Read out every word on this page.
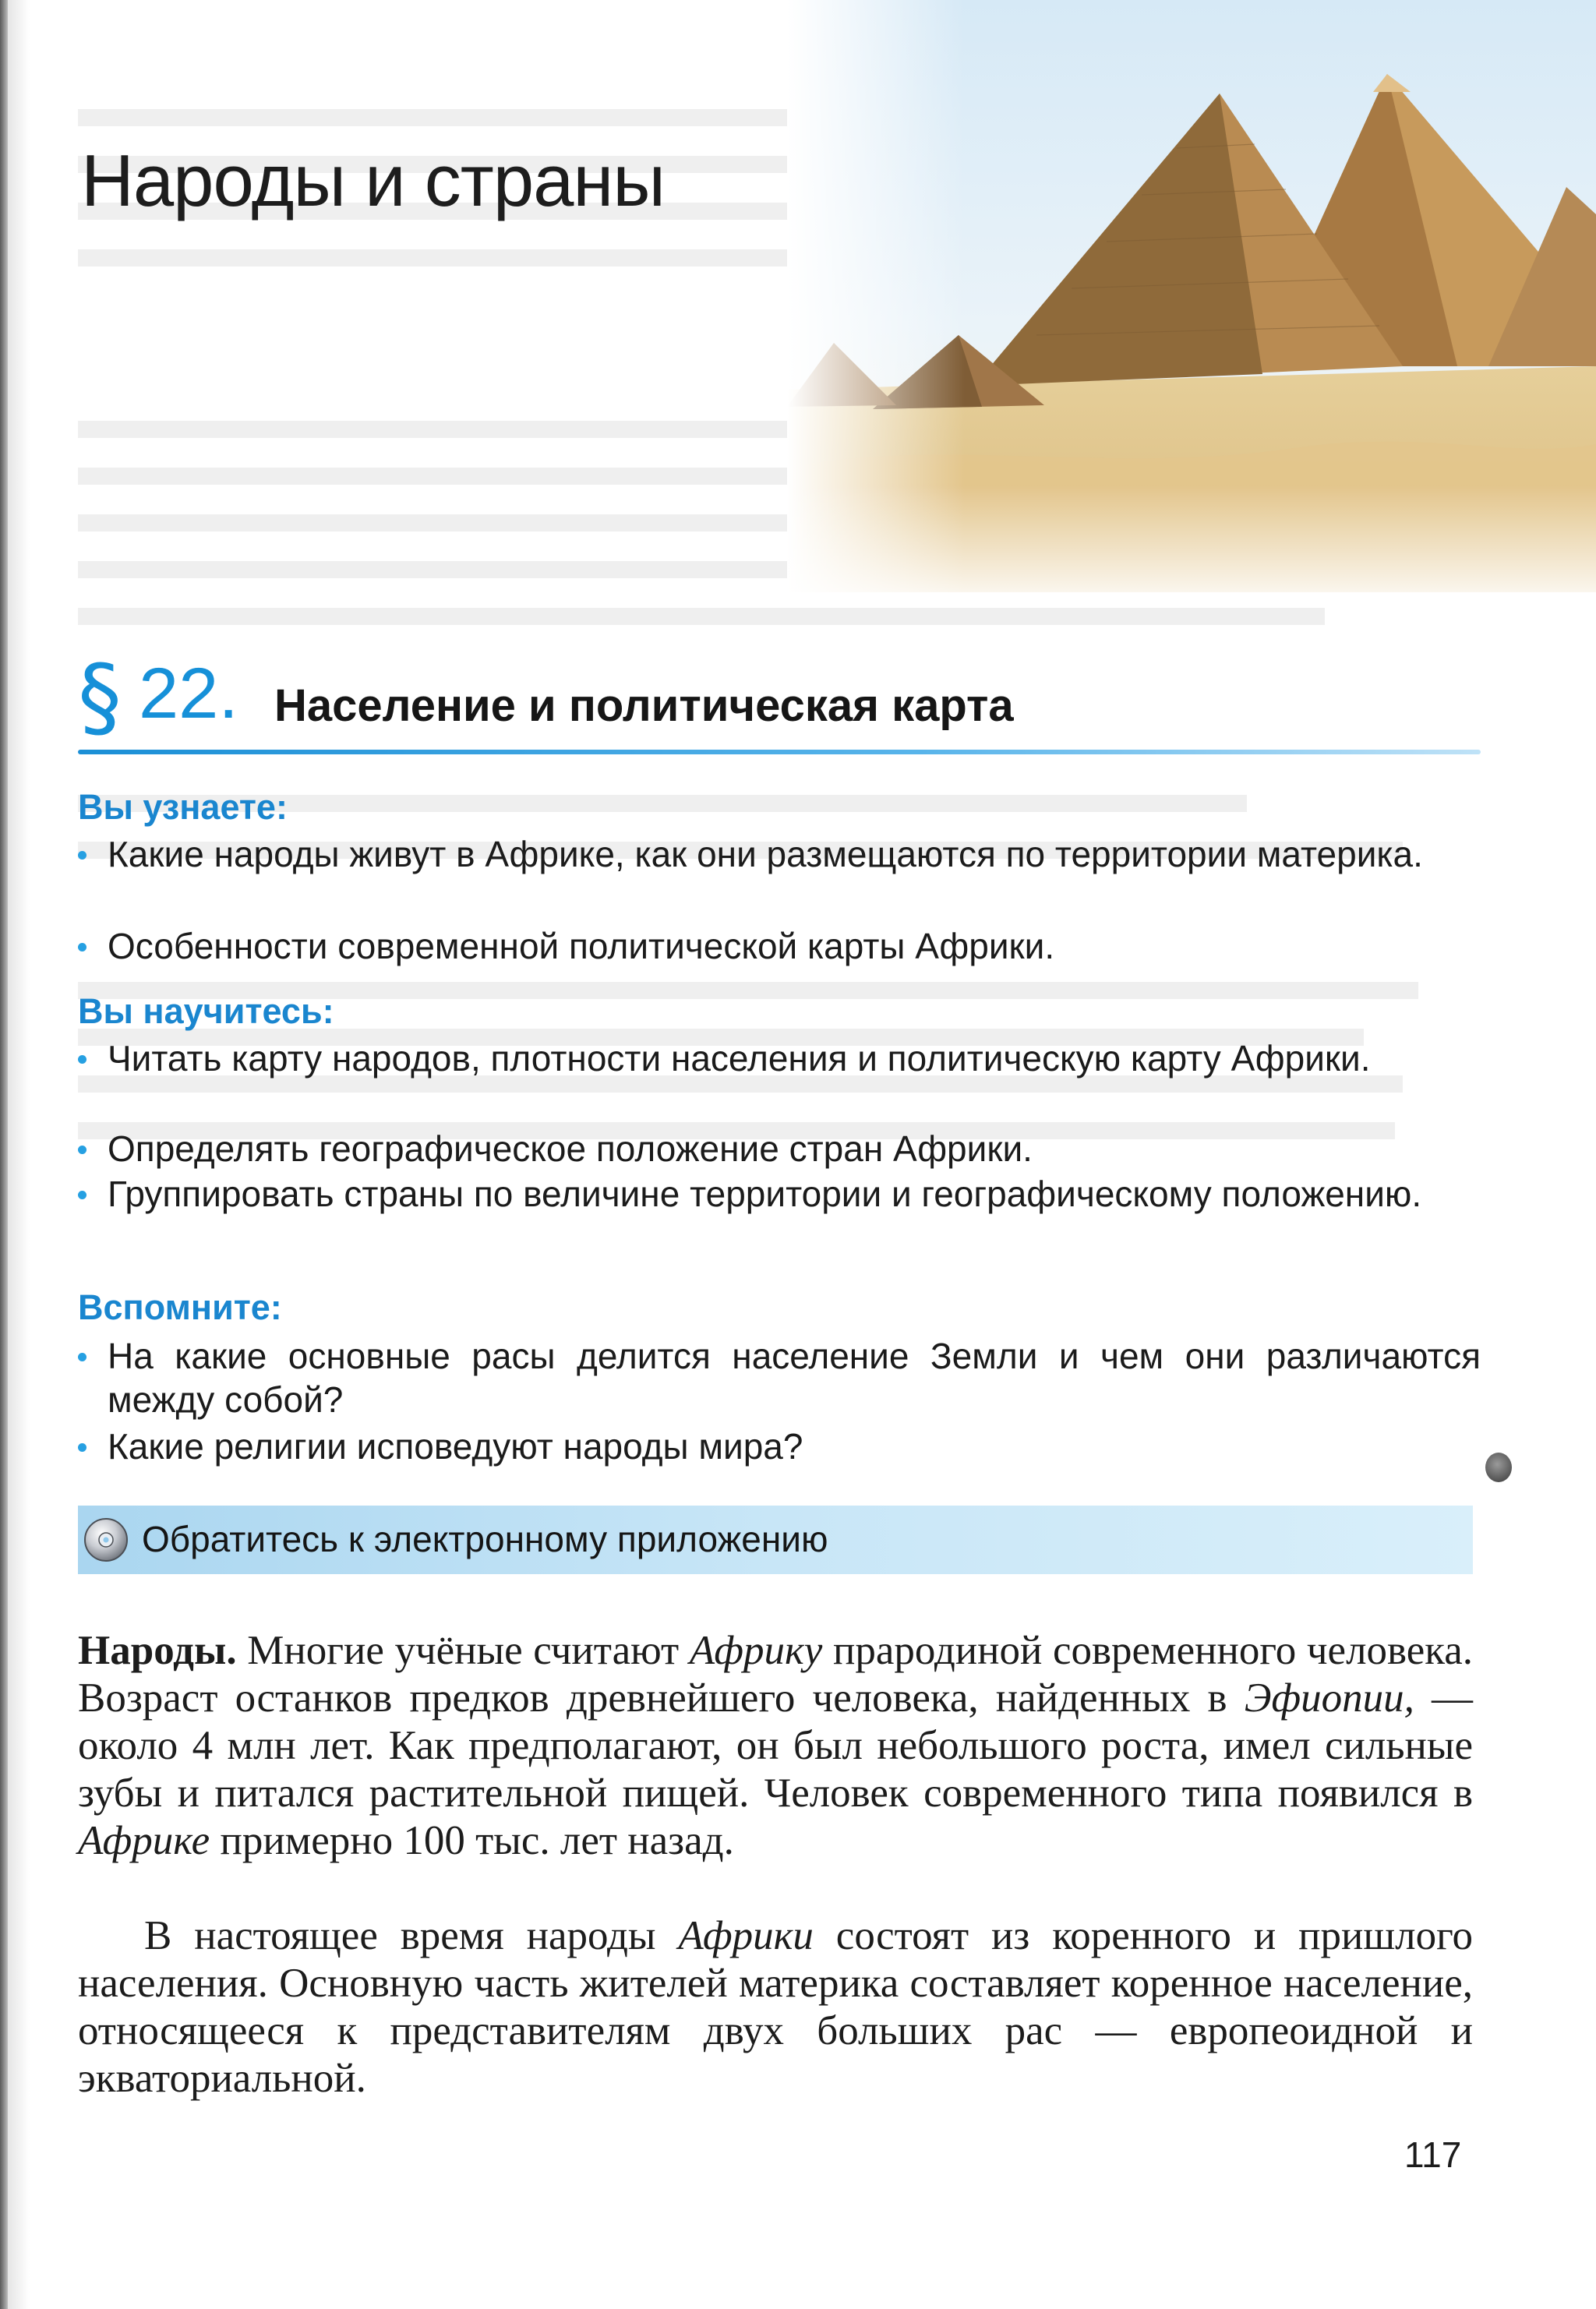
Народы и страны
§ 22. Население и политическая карта
Вы узнаете:
Какие народы живут в Африке, как они размещаются по территории материка.
Особенности современной политической карты Африки.
Вы научитесь:
Читать карту народов, плотности населения и политическую карту Африки.
Определять географическое положение стран Африки.
Группировать страны по величине территории и географическому положению.
Вспомните:
На какие основные расы делится население Земли и чем они различаются между собой?
Какие религии исповедуют народы мира?
Обратитесь к электронному приложению
Народы. Многие учёные считают Африку прародиной современного человека. Возраст останков предков древнейшего человека, найденных в Эфиопии, — около 4 млн лет. Как предполагают, он был небольшого роста, имел сильные зубы и питался растительной пищей. Человек современного типа появился в Африке примерно 100 тыс. лет назад.
В настоящее время народы Африки состоят из коренного и пришлого населения. Основную часть жителей материка составляет коренное население, относящееся к представителям двух больших рас — европеоидной и экваториальной.
117
